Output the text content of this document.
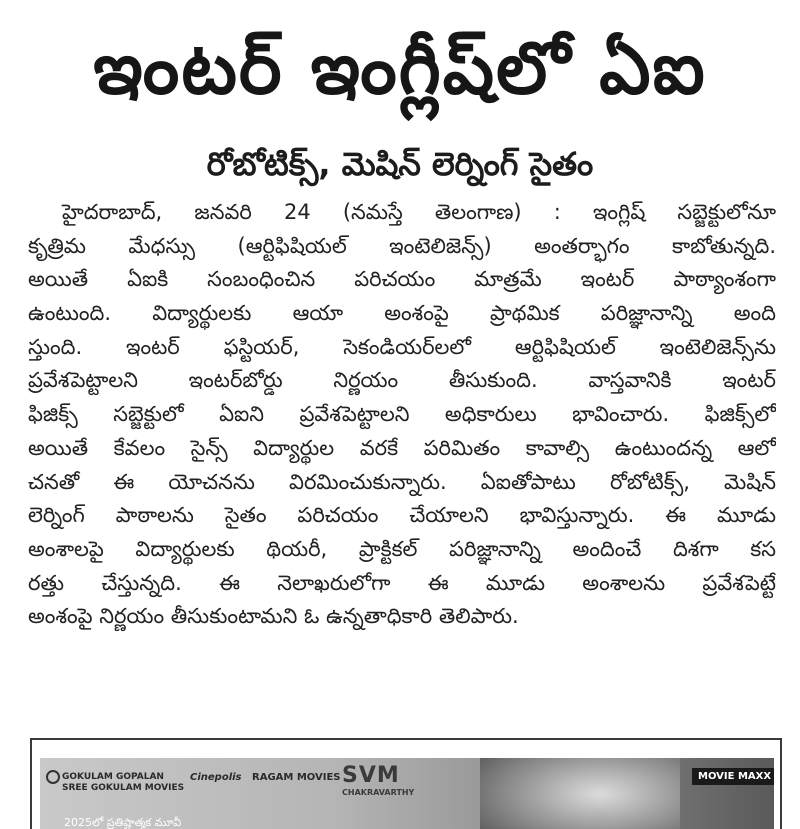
ఇంటర్ ఇంగ్లీష్‌లో ఏఐ
రోబోటిక్స్, మెషిన్ లెర్నింగ్ సైతం
హైదరాబాద్, జనవరి 24 (నమస్తే తెలంగాణ) : ఇంగ్లిష్ సబ్జెక్టులోనూ
కృత్రిమ మేధస్సు (ఆర్టిఫిషియల్ ఇంటెలిజెన్స్) అంతర్భాగం కాబోతున్నది.
అయితే ఏఐకి సంబంధించిన పరిచయం మాత్రమే ఇంటర్ పాఠ్యాంశంగా
ఉంటుంది. విద్యార్థులకు ఆయా అంశంపై ప్రాథమిక పరిజ్ఞానాన్ని అంది
స్తుంది. ఇంటర్ ఫస్టియర్, సెకండియర్‌లలో ఆర్టిఫిషియల్ ఇంటెలిజెన్స్‌ను
ప్రవేశపెట్టాలని ఇంటర్‌బోర్డు నిర్ణయం తీసుకుంది. వాస్తవానికి ఇంటర్
ఫిజిక్స్ సబ్జెక్టులో ఏఐని ప్రవేశపెట్టాలని అధికారులు భావించారు. ఫిజిక్స్‌లో
అయితే కేవలం సైన్స్ విద్యార్థుల వరకే పరిమితం కావాల్సి ఉంటుందన్న ఆలో
చనతో ఈ యోచనను విరమించుకున్నారు. ఏఐతోపాటు రోబోటిక్స్, మెషిన్
లెర్నింగ్ పాఠాలను సైతం పరిచయం చేయాలని భావిస్తున్నారు. ఈ మూడు
అంశాలపై విద్యార్థులకు థియరీ, ప్రాక్టికల్ పరిజ్ఞానాన్ని అందించే దిశగా కస
రత్తు చేస్తున్నది. ఈ నెలాఖరులోగా ఈ మూడు అంశాలను ప్రవేశపెట్టే
అంశంపై నిర్ణయం తీసుకుంటామని ఓ ఉన్నతాధికారి తెలిపారు.
GOKULAM GOPALAN
SREE GOKULAM MOVIES
Cinepolis RAGAM MOVIES SVM
CHAKRAVARTHY
MOVIE MAXX
2025లో ప్రతిష్టాత్మక మూవీ
